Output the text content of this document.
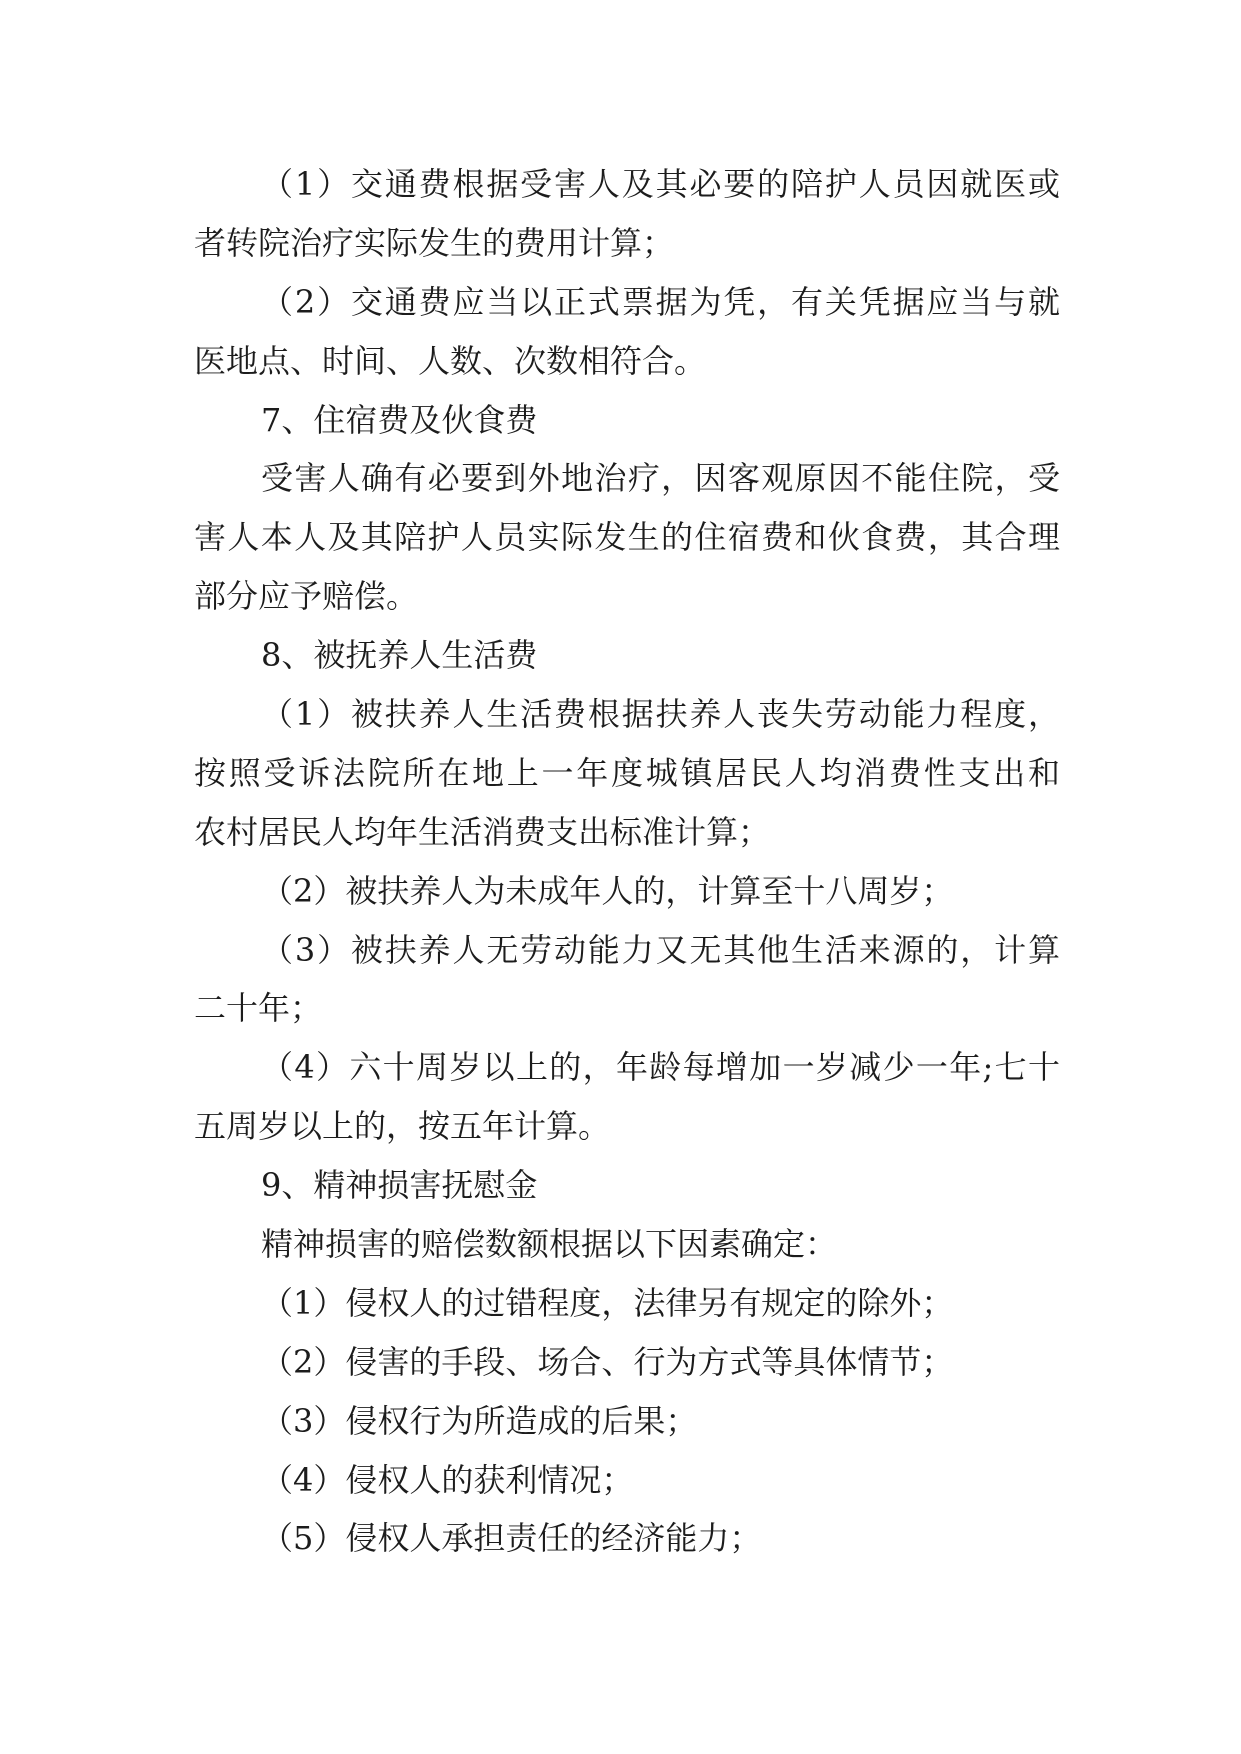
（1）交通费根据受害人及其必要的陪护人员因就医或
者转院治疗实际发生的费用计算；
（2）交通费应当以正式票据为凭，有关凭据应当与就
医地点、时间、人数、次数相符合。
7、住宿费及伙食费
受害人确有必要到外地治疗，因客观原因不能住院，受
害人本人及其陪护人员实际发生的住宿费和伙食费，其合理
部分应予赔偿。
8、被抚养人生活费
（1）被扶养人生活费根据扶养人丧失劳动能力程度，
按照受诉法院所在地上一年度城镇居民人均消费性支出和
农村居民人均年生活消费支出标准计算；
（2）被扶养人为未成年人的，计算至十八周岁；
（3）被扶养人无劳动能力又无其他生活来源的，计算
二十年；
（4）六十周岁以上的，年龄每增加一岁减少一年;七十
五周岁以上的，按五年计算。
9、精神损害抚慰金
精神损害的赔偿数额根据以下因素确定：
（1）侵权人的过错程度，法律另有规定的除外；
（2）侵害的手段、场合、行为方式等具体情节；
（3）侵权行为所造成的后果；
（4）侵权人的获利情况；
（5）侵权人承担责任的经济能力；
